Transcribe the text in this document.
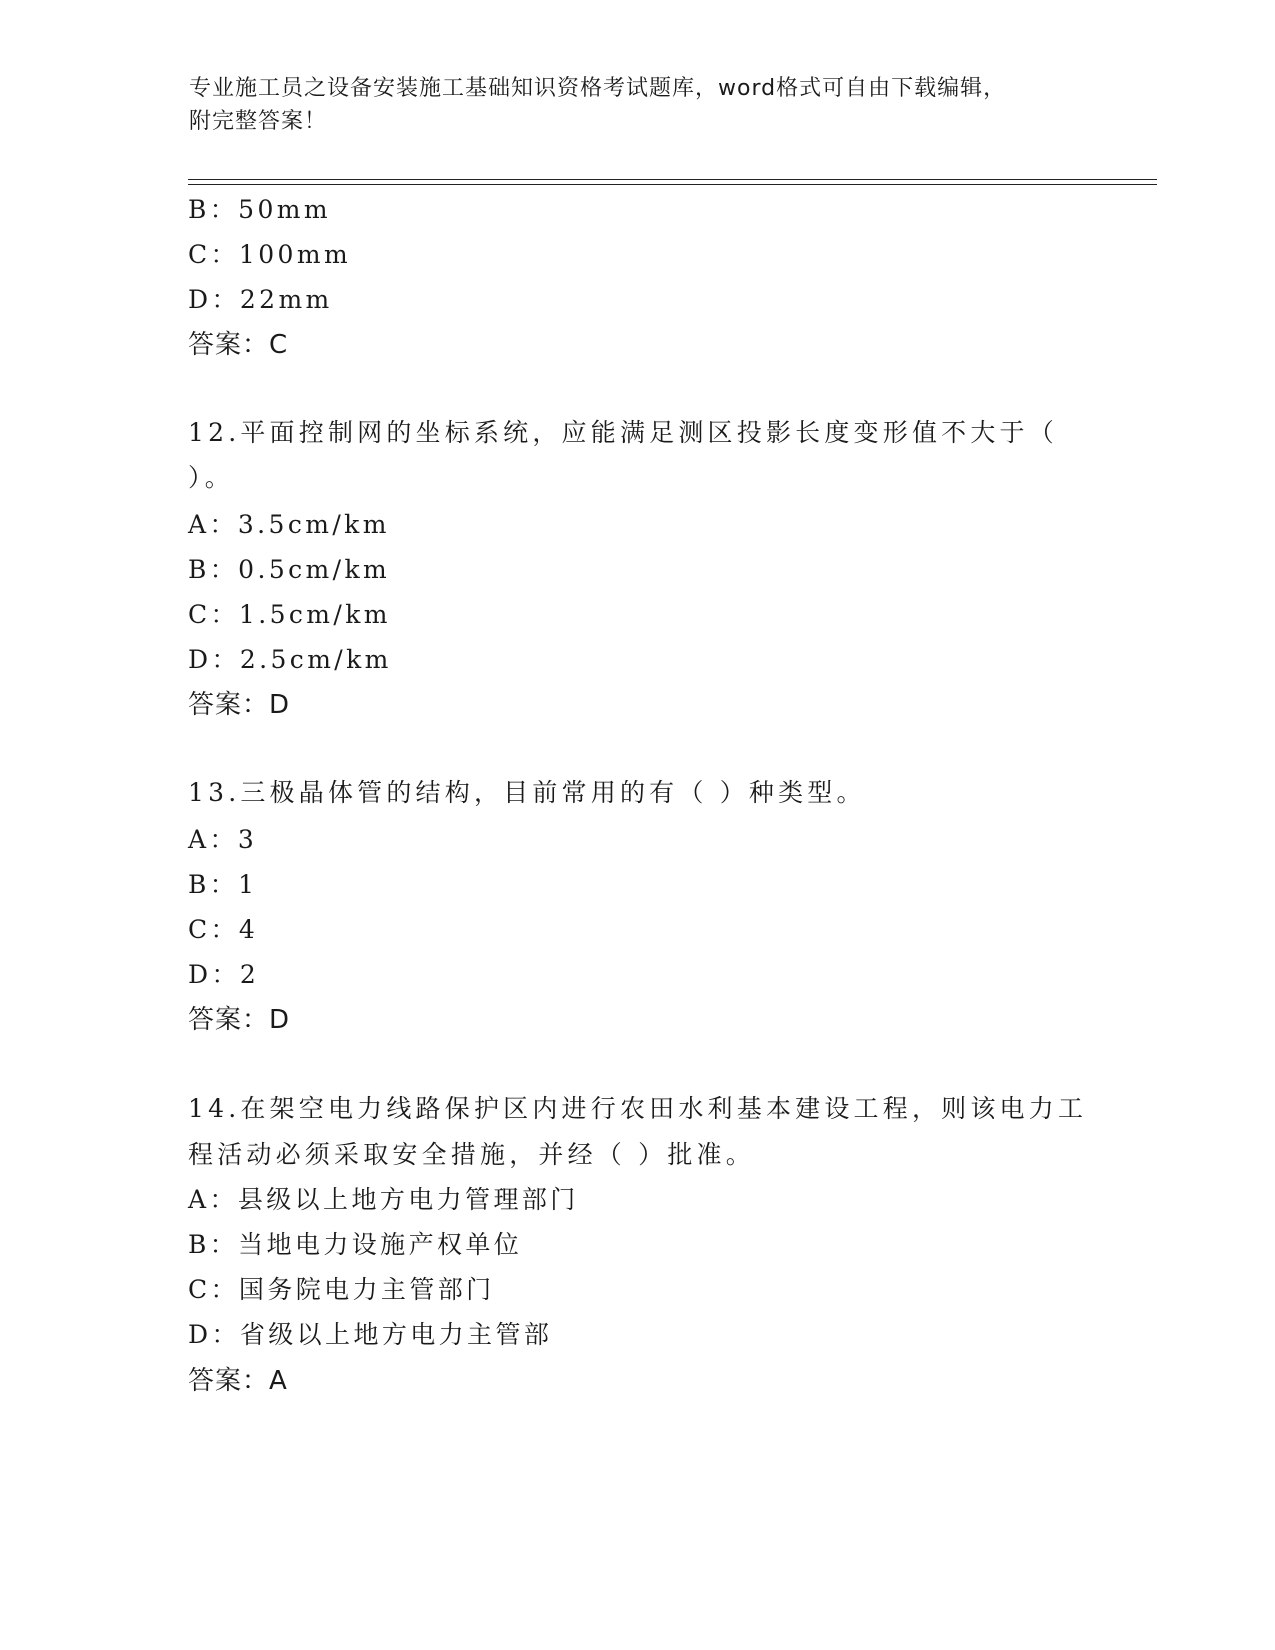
专业施工员之设备安装施工基础知识资格考试题库，word格式可自由下载编辑，
附完整答案！
B：50mm
C：100mm
D：22mm
答案：C
12.平面控制网的坐标系统，应能满足测区投影长度变形值不大于（
）。
A：3.5cm/km
B：0.5cm/km
C：1.5cm/km
D：2.5cm/km
答案：D
13.三极晶体管的结构，目前常用的有（ ）种类型。
A：3
B：1
C：4
D：2
答案：D
14.在架空电力线路保护区内进行农田水利基本建设工程，则该电力工
程活动必须采取安全措施，并经（ ）批准。
A：县级以上地方电力管理部门
B：当地电力设施产权单位
C：国务院电力主管部门
D：省级以上地方电力主管部
答案：A
